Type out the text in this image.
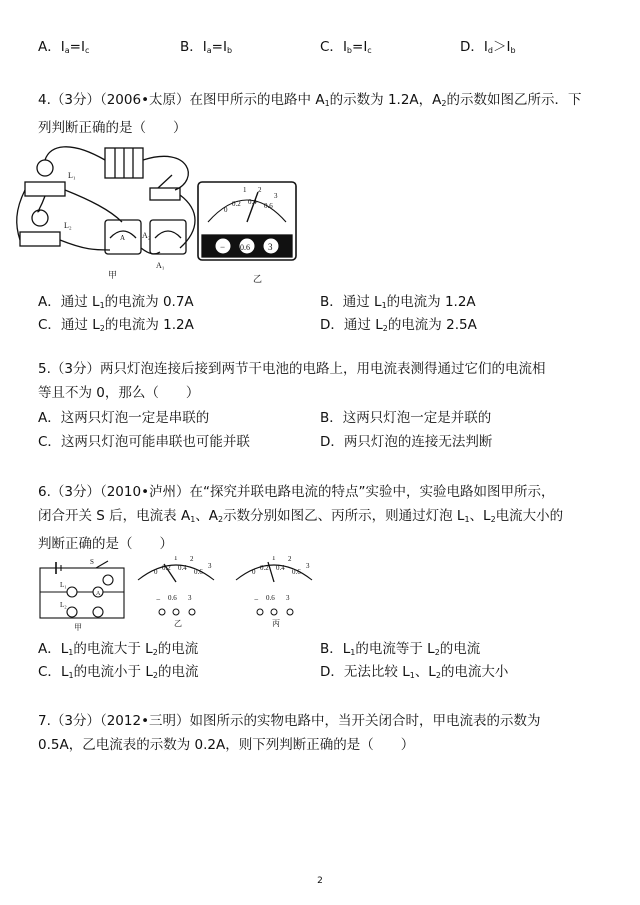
A．$I_a=I_c$	B．$I_a=I_b$	C．$I_b=I_c$	D．$I_d>I_b$
4.（3分）（2006•太原）在图甲所示的电路中 $A_1$的示数为 1.2A，$A_2$的示数如图乙所示．下
列判断正确的是（　　）
0
0.2 0.4 0.6
1 2
3
− 0.6 3
L₁
L₂
A A₂
A₁
甲	乙
A．通过 $L_1$的电流为 0.7A	B．通过 $L_1$的电流为 1.2A
C．通过 $L_2$的电流为 1.2A	D．通过 $L_2$的电流为 2.5A
5.（3分）两只灯泡连接后接到两节干电池的电路上，用电流表测得通过它们的电流相
等且不为 0，那么（　　）
A．这两只灯泡一定是串联的	B．这两只灯泡一定是并联的
C．这两只灯泡可能串联也可能并联	D．两只灯泡的连接无法判断
6.（3分）（2010•泸州）在“探究并联电路电流的特点”实验中，实验电路如图甲所示，
闭合开关 S 后，电流表 $A_1$、$A_2$示数分别如图乙、丙所示，则通过灯泡 $L_1$、$L_2$电流大小的
判断正确的是（　　）
S
L₁
L₂
A
甲
0 0.2 0.4 0.6
1 2
3
− 0.6 3
乙
0 0.2 0.4 0.6
1 2
3
− 0.6 3
丙
A．$L_1$的电流大于 $L_2$的电流	B．$L_1$的电流等于 $L_2$的电流
C．$L_1$的电流小于 $L_2$的电流	D．无法比较 $L_1$、$L_2$的电流大小
7.（3分）（2012•三明）如图所示的实物电路中，当开关闭合时，甲电流表的示数为
0.5A，乙电流表的示数为 0.2A，则下列判断正确的是（　　）
2
